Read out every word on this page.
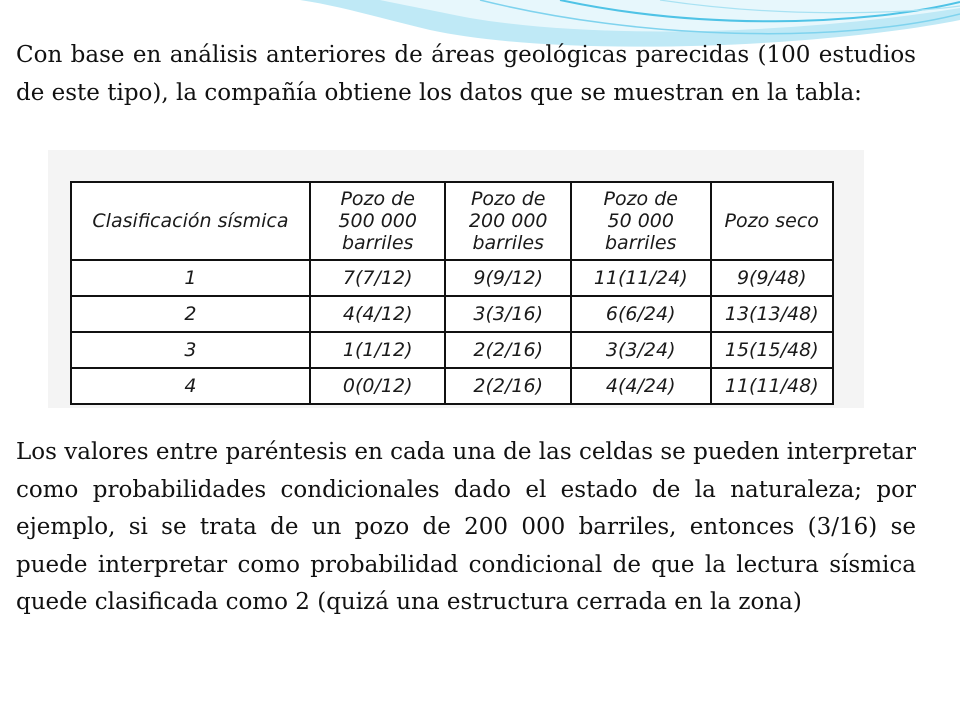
Con base en análisis anteriores de áreas geológicas parecidas (100 estudios de este tipo), la compañía obtiene los datos que se muestran en la tabla:

Clasificación sísmica	Pozo de
500 000
barriles	Pozo de
200 000
barriles	Pozo de
50 000
barriles	Pozo seco

1	7(7/12)	9(9/12)	11(11/24)	9(9/48)
2	4(4/12)	3(3/16)	6(6/24)	13(13/48)
3	1(1/12)	2(2/16)	3(3/24)	15(15/48)
4	0(0/12)	2(2/16)	4(4/24)	11(11/48)

Los valores entre paréntesis en cada una de las celdas se pueden interpretar como probabilidades condicionales dado el estado de la naturaleza; por ejemplo, si se trata de un pozo de 200 000 barriles, entonces (3/16) se puede interpretar como probabilidad condicional de que la lectura sísmica quede clasificada como 2 (quizá una estructura cerrada en la zona)
